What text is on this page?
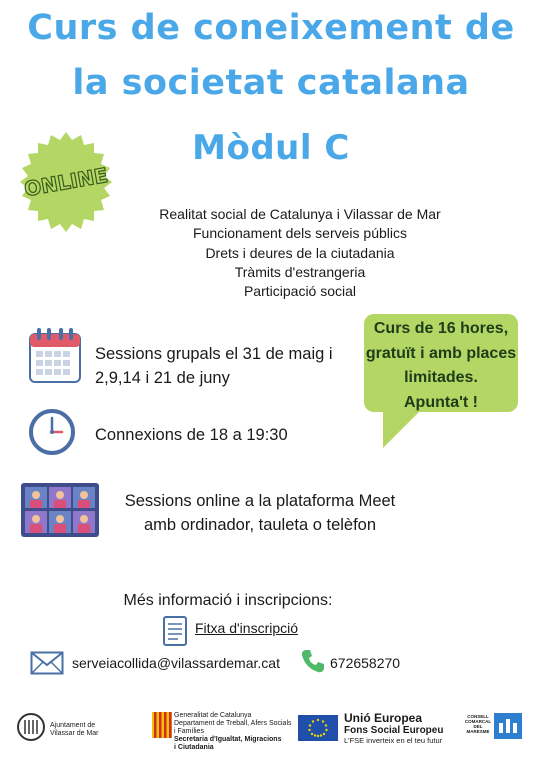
Curs de coneixement de
la societat catalana
Mòdul C
ONLINE
Realitat social de Catalunya i Vilassar de Mar
Funcionament dels serveis públics
Drets i deures de la ciutadania
Tràmits d'estrangeria
Participació social
Curs de 16 hores,
gratuït i amb places
limitades.
Apunta't !
Sessions grupals el 31 de maig i
2,9,14 i 21 de juny
Connexions de 18 a 19:30
Sessions online a la plataforma Meet
amb ordinador, tauleta o telèfon
Més informació i inscripcions:
Fitxa d'inscripció
serveiacollida@vilassardemar.cat	672658270
Ajuntament de
Vilassar de Mar
Generalitat de Catalunya
Departament de Treball, Afers Socials
i Famílies
Secretaria d'Igualtat, Migracions
i Ciutadania
Unió Europea
Fons Social Europeu
L'FSE inverteix en el teu futur
CONSELL
COMARCAL
DEL
MARESME
